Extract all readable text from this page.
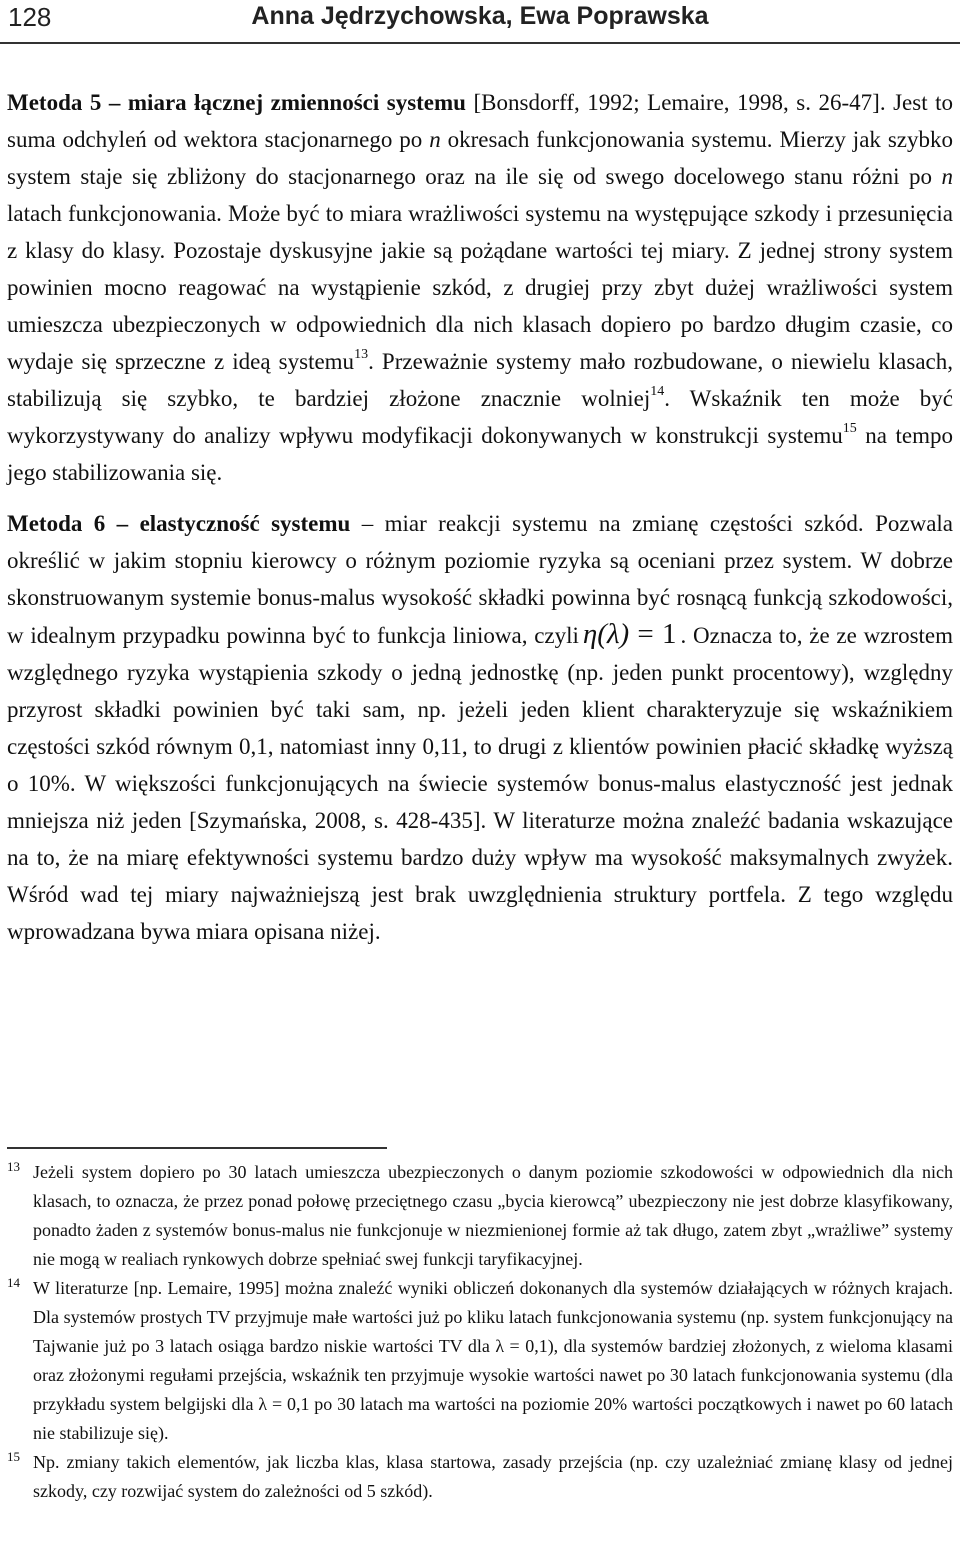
128	Anna Jędrzychowska, Ewa Poprawska

Metoda 5 – miara łącznej zmienności systemu [Bonsdorff, 1992; Lemaire, 1998, s. 26-47]. Jest to suma odchyleń od wektora stacjonarnego po n okresach funkcjonowania systemu. Mierzy jak szybko system staje się zbliżony do stacjonarnego oraz na ile się od swego docelowego stanu różni po n latach funkcjonowania. Może być to miara wrażliwości systemu na występujące szkody i przesunięcia z klasy do klasy. Pozostaje dyskusyjne jakie są pożądane wartości tej miary. Z jednej strony system powinien mocno reagować na wystąpienie szkód, z drugiej przy zbyt dużej wrażliwości system umieszcza ubezpieczonych w odpowiednich dla nich klasach dopiero po bardzo długim czasie, co wydaje się sprzeczne z ideą systemu$^{13}$. Przeważnie systemy mało rozbudowane, o niewielu klasach, stabilizują się szybko, te bardziej złożone znacznie wolniej$^{14}$. Wskaźnik ten może być wykorzystywany do analizy wpływu modyfikacji dokonywanych w konstrukcji systemu$^{15}$ na tempo jego stabilizowania się.

Metoda 6 – elastyczność systemu – miar reakcji systemu na zmianę częstości szkód. Pozwala określić w jakim stopniu kierowcy o różnym poziomie ryzyka są oceniani przez system. W dobrze skonstruowanym systemie bonus-malus wysokość składki powinna być rosnącą funkcją szkodowości, w idealnym przypadku powinna być to funkcja liniowa, czyli η(λ) = 1 . Oznacza to, że ze wzrostem względnego ryzyka wystąpienia szkody o jedną jednostkę (np. jeden punkt procentowy), względny przyrost składki powinien być taki sam, np. jeżeli jeden klient charakteryzuje się wskaźnikiem częstości szkód równym 0,1, natomiast inny 0,11, to drugi z klientów powinien płacić składkę wyższą o 10%. W większości funkcjonujących na świecie systemów bonus-malus elastyczność jest jednak mniejsza niż jeden [Szymańska, 2008, s. 428-435]. W literaturze można znaleźć badania wskazujące na to, że na miarę efektywności systemu bardzo duży wpływ ma wysokość maksymalnych zwyżek. Wśród wad tej miary najważniejszą jest brak uwzględnienia struktury portfela. Z tego względu wprowadzana bywa miara opisana niżej.

13 Jeżeli system dopiero po 30 latach umieszcza ubezpieczonych o danym poziomie szkodowości w odpowiednich dla nich klasach, to oznacza, że przez ponad połowę przeciętnego czasu „bycia kierowcą” ubezpieczony nie jest dobrze klasyfikowany, ponadto żaden z systemów bonus-malus nie funkcjonuje w niezmienionej formie aż tak długo, zatem zbyt „wrażliwe” systemy nie mogą w realiach rynkowych dobrze spełniać swej funkcji taryfikacyjnej.
14 W literaturze [np. Lemaire, 1995] można znaleźć wyniki obliczeń dokonanych dla systemów działających w różnych krajach. Dla systemów prostych TV przyjmuje małe wartości już po kliku latach funkcjonowania systemu (np. system funkcjonujący na Tajwanie już po 3 latach osiąga bardzo niskie wartości TV dla λ = 0,1), dla systemów bardziej złożonych, z wieloma klasami oraz złożonymi regułami przejścia, wskaźnik ten przyjmuje wysokie wartości nawet po 30 latach funkcjonowania systemu (dla przykładu system belgijski dla λ = 0,1 po 30 latach ma wartości na poziomie 20% wartości początkowych i nawet po 60 latach nie stabilizuje się).
15 Np. zmiany takich elementów, jak liczba klas, klasa startowa, zasady przejścia (np. czy uzależniać zmianę klasy od jednej szkody, czy rozwijać system do zależności od 5 szkód).
